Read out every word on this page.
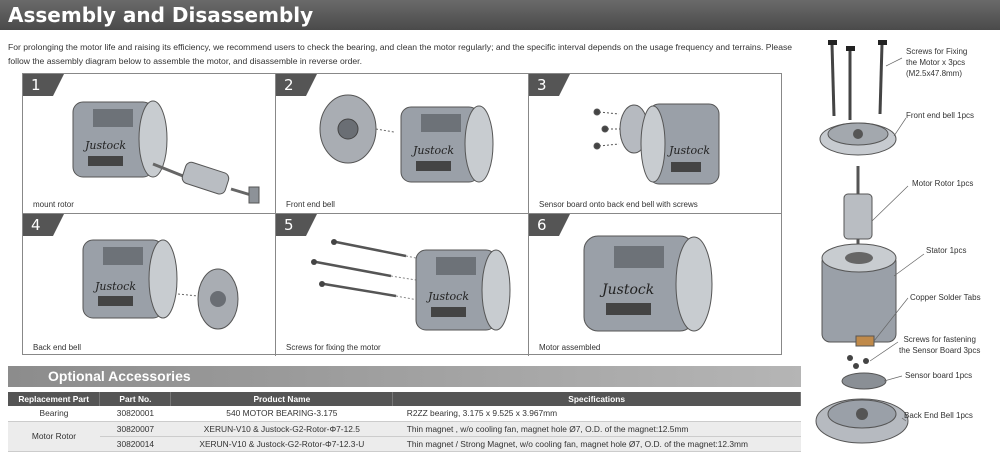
Assembly and Disassembly
For prolonging the motor life and raising its efficiency, we recommend users to check the bearing, and clean the motor regularly; and the specific interval depends on the usage frequency and terrains. Please follow the assembly diagram below to assemble the motor, and disassemble in reverse order.
1
Justock
mount rotor
2
Justock
Front end bell
3
Justock
Sensor board onto back end bell with screws
4
Justock
Back end bell
5
Justock
Screws for fixing the motor
6
Justock
Motor assembled
Optional Accessories
Replacement Part	Part No.	Product Name	Specifications
Bearing	30820001	540 MOTOR BEARING-3.175	R2ZZ bearing, 3.175 x 9.525 x 3.967mm
Motor Rotor	30820007	XERUN-V10 & Justock-G2-Rotor-Φ7-12.5	Thin magnet , w/o cooling fan, magnet hole Ø7, O.D. of the magnet:12.5mm
	30820014	XERUN-V10 & Justock-G2-Rotor-Φ7-12.3-U	Thin magnet / Strong Magnet, w/o cooling fan, magnet hole Ø7, O.D. of the magnet:12.3mm
Screws for Fixing
the Motor x 3pcs
(M2.5x47.8mm)
Front end bell 1pcs
Motor Rotor 1pcs
Stator 1pcs
Copper Solder Tabs
Screws for fastening
the Sensor Board 3pcs
Sensor board 1pcs
Back End Bell 1pcs
